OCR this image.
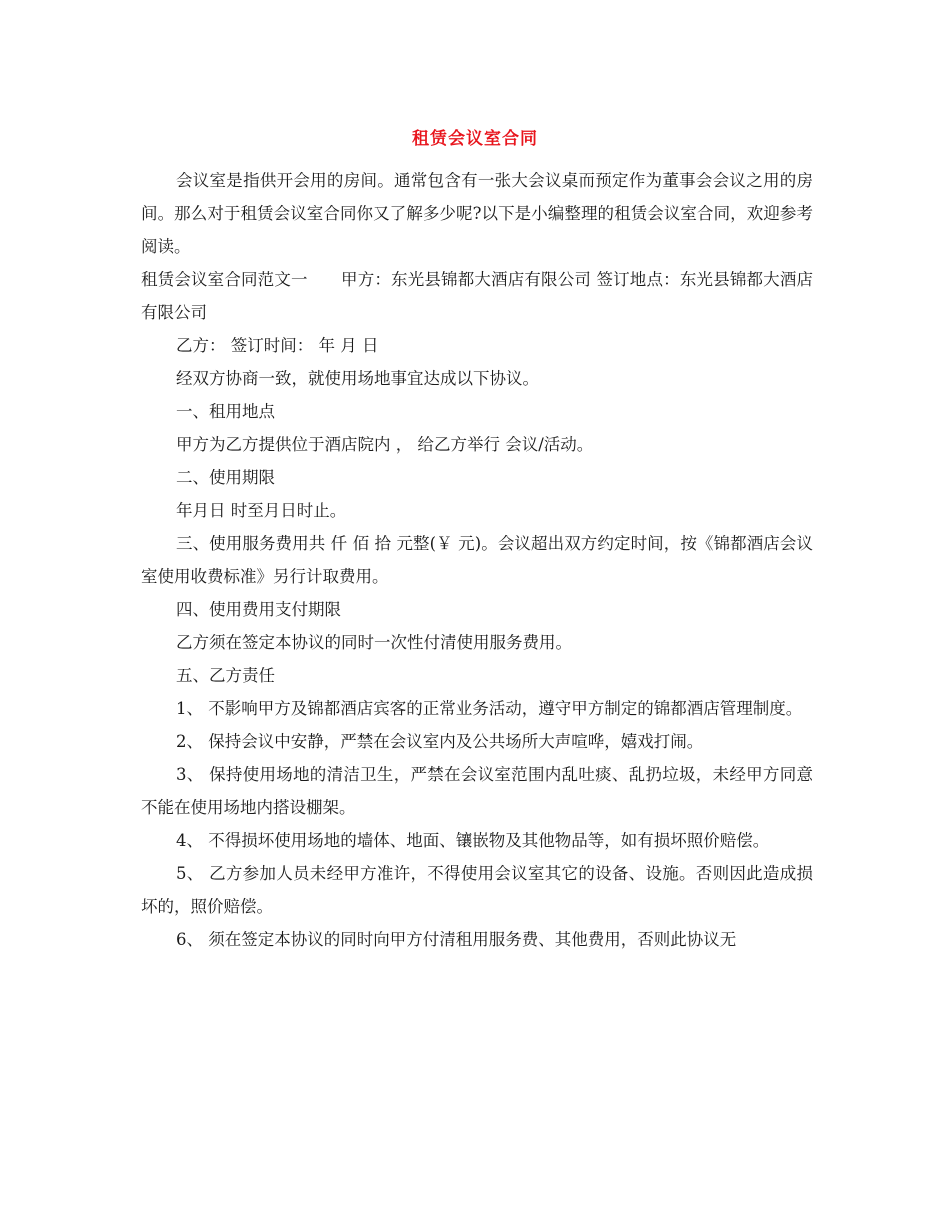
租赁会议室合同

会议室是指供开会用的房间。通常包含有一张大会议桌而预定作为董事会会议之用的房间。那么对于租赁会议室合同你又了解多少呢?以下是小编整理的租赁会议室合同，欢迎参考阅读。

租赁会议室合同范文一　　甲方：东光县锦都大酒店有限公司 签订地点：东光县锦都大酒店有限公司

乙方： 签订时间： 年 月 日

经双方协商一致，就使用场地事宜达成以下协议。

一、租用地点

甲方为乙方提供位于酒店院内 ， 给乙方举行 会议/活动。

二、使用期限

年月日 时至月日时止。

三、使用服务费用共 仟 佰 拾 元整(￥ 元)。会议超出双方约定时间，按《锦都酒店会议室使用收费标准》另行计取费用。

四、使用费用支付期限

乙方须在签定本协议的同时一次性付清使用服务费用。

五、乙方责任

1、 不影响甲方及锦都酒店宾客的正常业务活动，遵守甲方制定的锦都酒店管理制度。

2、 保持会议中安静，严禁在会议室内及公共场所大声喧哗，嬉戏打闹。

3、 保持使用场地的清洁卫生，严禁在会议室范围内乱吐痰、乱扔垃圾，未经甲方同意不能在使用场地内搭设棚架。

4、 不得损坏使用场地的墙体、地面、镶嵌物及其他物品等，如有损坏照价赔偿。

5、 乙方参加人员未经甲方准许，不得使用会议室其它的设备、设施。否则因此造成损坏的，照价赔偿。

6、 须在签定本协议的同时向甲方付清租用服务费、其他费用，否则此协议无
